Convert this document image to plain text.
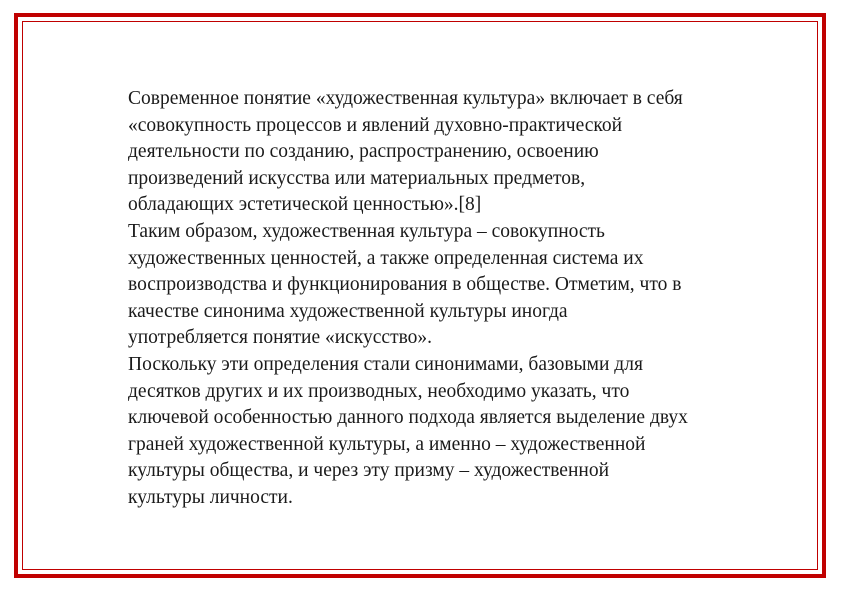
Современное понятие «художественная культура» включает в себя
«совокупность процессов и явлений духовно-практической
деятельности по созданию, распространению, освоению
произведений искусства или материальных предметов,
обладающих эстетической ценностью».[8]
Таким образом, художественная культура – совокупность
художественных ценностей, а также определенная система их
воспроизводства и функционирования в обществе. Отметим, что в
качестве синонима художественной культуры иногда
употребляется понятие «искусство».
Поскольку эти определения стали синонимами, базовыми для
десятков других и их производных, необходимо указать, что
ключевой особенностью данного подхода является выделение двух
граней художественной культуры, а именно – художественной
культуры общества, и через эту призму – художественной
культуры личности.
